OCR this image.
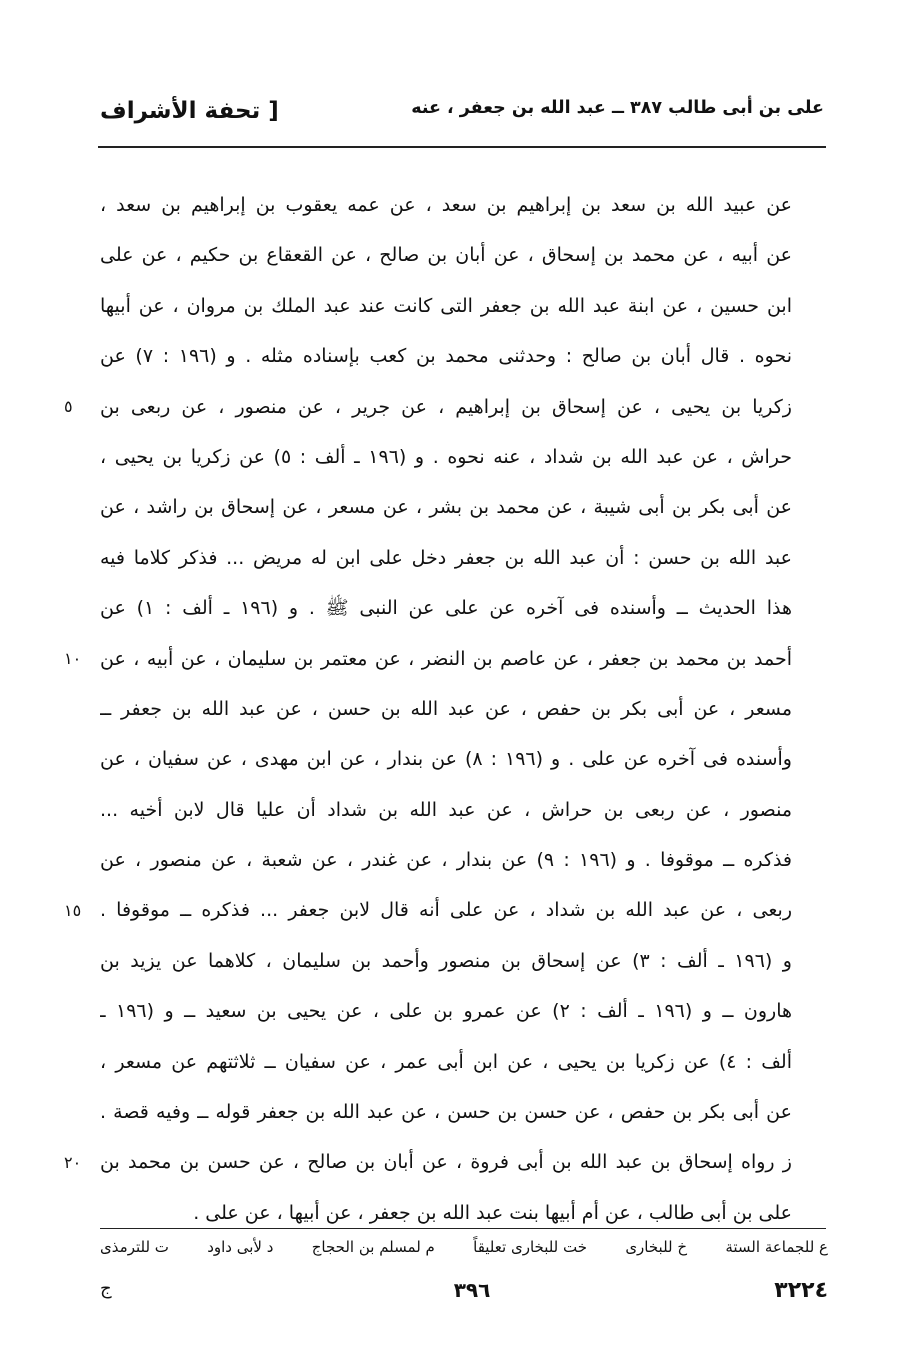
علی بن أبی طالب ٣٨٧ ــ عبد الله بن جعفر ، عنه
[ تحفة الأشراف
عن عبید الله بن سعد بن إبراهیم بن سعد ، عن عمه یعقوب بن إبراهیم بن سعد ،
عن أبیه ، عن محمد بن إسحاق ، عن أبان بن صالح ، عن القعقاع بن حکیم ، عن علی
ابن حسین ، عن ابنة عبد الله بن جعفر التی کانت عند عبد الملك بن مروان ، عن أبیها
نحوه . قال أبان بن صالح : وحدثنی محمد بن کعب بإسناده مثله . و (١٩٦ : ٧) عن
زکریا بن یحیی ، عن إسحاق بن إبراهیم ، عن جریر ، عن منصور ، عن ربعی بن
حراش ، عن عبد الله بن شداد ، عنه نحوه . و (١٩٦ ـ ألف : ٥) عن زکریا بن یحیی ،
عن أبی بکر بن أبی شیبة ، عن محمد بن بشر ، عن مسعر ، عن إسحاق بن راشد ، عن
عبد الله بن حسن : أن عبد الله بن جعفر دخل علی ابن له مریض ... فذکر کلاما فیه
هذا الحدیث ــ وأسنده فی آخره عن علی عن النبی ﷺ . و (١٩٦ ـ ألف : ١) عن
أحمد بن محمد بن جعفر ، عن عاصم بن النضر ، عن معتمر بن سلیمان ، عن أبیه ، عن
مسعر ، عن أبی بکر بن حفص ، عن عبد الله بن حسن ، عن عبد الله بن جعفر ــ
وأسنده فی آخره عن علی . و (١٩٦ : ٨) عن بندار ، عن ابن مهدی ، عن سفیان ، عن
منصور ، عن ربعی بن حراش ، عن عبد الله بن شداد أن علیا قال لابن أخیه ...
فذکره ــ موقوفا . و (١٩٦ : ٩) عن بندار ، عن غندر ، عن شعبة ، عن منصور ، عن
ربعی ، عن عبد الله بن شداد ، عن علی أنه قال لابن جعفر ... فذکره ــ موقوفا .
و (١٩٦ ـ ألف : ٣) عن إسحاق بن منصور وأحمد بن سلیمان ، کلاهما عن یزید بن
هارون ــ و (١٩٦ ـ ألف : ٢) عن عمرو بن علی ، عن یحیی بن سعید ــ و (١٩٦ ـ
ألف : ٤) عن زکریا بن یحیی ، عن ابن أبی عمر ، عن سفیان ــ ثلاثتهم عن مسعر ،
عن أبی بکر بن حفص ، عن حسن بن حسن ، عن عبد الله بن جعفر قوله ــ وفیه قصة .
ز رواه إسحاق بن عبد الله بن أبی فروة ، عن أبان بن صالح ، عن حسن بن محمد بن
علی بن أبی طالب ، عن أم أبیها بنت عبد الله بن جعفر ، عن أبیها ، عن علی .
٥
١٠
١٥
٢٠
ع للجماعة الستة
خ للبخاری
خت للبخاری تعلیقاً
م لمسلم بن الحجاج
د لأبی داود
ت للترمذی
٣٢٢٤
٣٩٦
ج
